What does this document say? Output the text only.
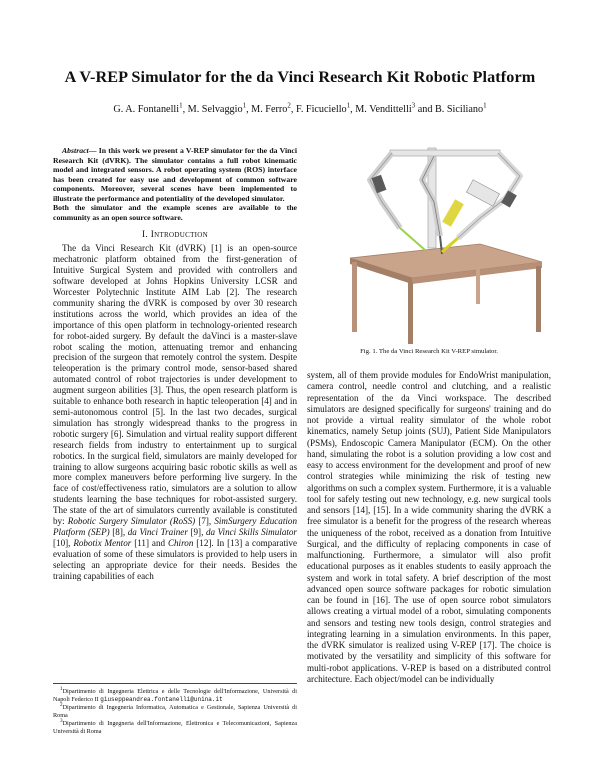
A V-REP Simulator for the da Vinci Research Kit Robotic Platform

G. A. Fontanelli$^1$, M. Selvaggio$^1$, M. Ferro$^2$, F. Ficuciello$^1$, M. Vendittelli$^3$ and B. Siciliano$^1$

Abstract— In this work we present a V-REP simulator for the da Vinci Research Kit (dVRK). The simulator contains a full robot kinematic model and integrated sensors. A robot operating system (ROS) interface has been created for easy use and development of common software components. Moreover, several scenes have been implemented to illustrate the performance and potentiality of the developed simulator.
Both the simulator and the example scenes are available to the community as an open source software.

I. Introduction

The da Vinci Research Kit (dVRK) [1] is an open-source mechatronic platform obtained from the first-generation of Intuitive Surgical System and provided with controllers and software developed at Johns Hopkins University LCSR and Worcester Polytechnic Institute AIM Lab [2]. The research community sharing the dVRK is composed by over 30 research institutions across the world, which provides an idea of the importance of this open platform in technology-oriented research for robot-aided surgery. By default the daVinci is a master-slave robot scaling the motion, attenuating tremor and enhancing precision of the surgeon that remotely control the system. Despite teleoperation is the primary control mode, sensor-based shared automated control of robot trajectories is under development to augment surgeon abilities [3]. Thus, the open research platform is suitable to enhance both research in haptic teleoperation [4] and in semi-autonomous control [5]. In the last two decades, surgical simulation has strongly widespread thanks to the progress in robotic surgery [6]. Simulation and virtual reality support different research fields from industry to entertainment up to surgical robotics. In the surgical field, simulators are mainly developed for training to allow surgeons acquiring basic robotic skills as well as more complex maneuvers before performing live surgery. In the face of cost/effectiveness ratio, simulators are a solution to allow students learning the base techniques for robot-assisted surgery. The state of the art of simulators currently available is constituted by: Robotic Surgery Simulator (RoSS) [7], SimSurgery Education Platform (SEP) [8], da Vinci Trainer [9], da Vinci Skills Simulator [10], Robotix Mentor [11] and Chiron [12]. In [13] a comparative evaluation of some of these simulators is provided to help users in selecting an appropriate device for their needs. Besides the training capabilities of each

$^1$Dipartimento di Ingegneria Elettrica e delle Tecnologie dell'Informazione, Università di Napoli Federico II giuseppeandrea.fontanelli@unina.it

$^2$Dipartimento di Ingegneria Informatica, Automatica e Gestionale, Sapienza Università di Roma

$^3$Dipartimento di Ingegneria dell'Informazione, Elettronica e Telecomunicazioni, Sapienza Università di Roma

Fig. 1. The da Vinci Research Kit V-REP simulator.

system, all of them provide modules for EndoWrist manipulation, camera control, needle control and clutching, and a realistic representation of the da Vinci workspace. The described simulators are designed specifically for surgeons' training and do not provide a virtual reality simulator of the whole robot kinematics, namely Setup joints (SUJ), Patient Side Manipulators (PSMs), Endoscopic Camera Manipulator (ECM). On the other hand, simulating the robot is a solution providing a low cost and easy to access environment for the development and proof of new control strategies while minimizing the risk of testing new algorithms on such a complex system. Furthermore, it is a valuable tool for safely testing out new technology, e.g. new surgical tools and sensors [14], [15]. In a wide community sharing the dVRK a free simulator is a benefit for the progress of the research whereas the uniqueness of the robot, received as a donation from Intuitive Surgical, and the difficulty of replacing components in case of malfunctioning. Furthermore, a simulator will also profit educational purposes as it enables students to easily approach the system and work in total safety. A brief description of the most advanced open source software packages for robotic simulation can be found in [16]. The use of open source robot simulators allows creating a virtual model of a robot, simulating components and sensors and testing new tools design, control strategies and integrating learning in a simulation environments. In this paper, the dVRK simulator is realized using V-REP [17]. The choice is motivated by the versatility and simplicity of this software for multi-robot applications. V-REP is based on a distributed control architecture. Each object/model can be individually
